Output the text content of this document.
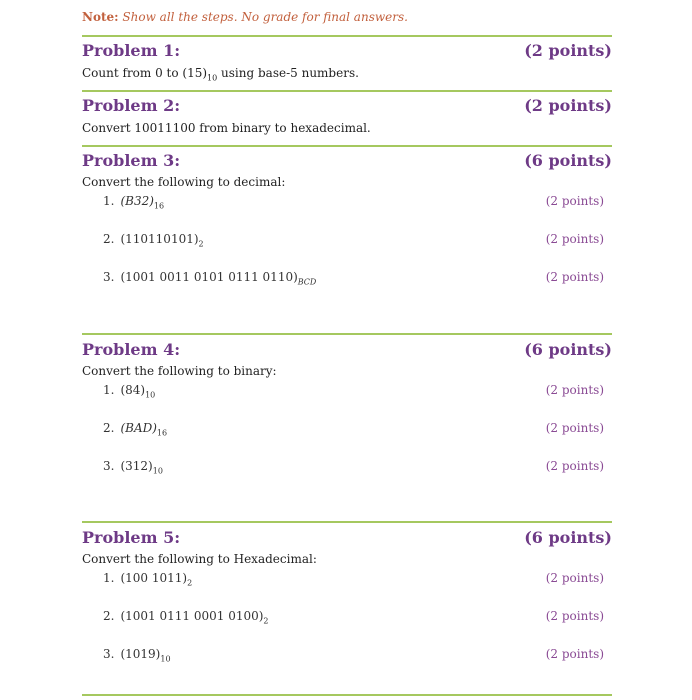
Note: Show all the steps. No grade for final answers.
Problem 1:	(2 points)
Count from 0 to $(15)_{10}$ using base-5 numbers.
Problem 2:	(2 points)
Convert 10011100 from binary to hexadecimal.
Problem 3:	(6 points)
Convert the following to decimal:
1. $(B32)_{16}$	(2 points)
2. $(110110101)_2$	(2 points)
3. (1001 0011 0101 0111 $0110)_{BCD}$	(2 points)
Problem 4:	(6 points)
Convert the following to binary:
1. $(84)_{10}$	(2 points)
2. $(BAD)_{16}$	(2 points)
3. $(312)_{10}$	(2 points)
Problem 5:	(6 points)
Convert the following to Hexadecimal:
1. (100 $1011)_2$	(2 points)
2. (1001 0111 0001 $0100)_2$	(2 points)
3. $(1019)_{10}$	(2 points)
